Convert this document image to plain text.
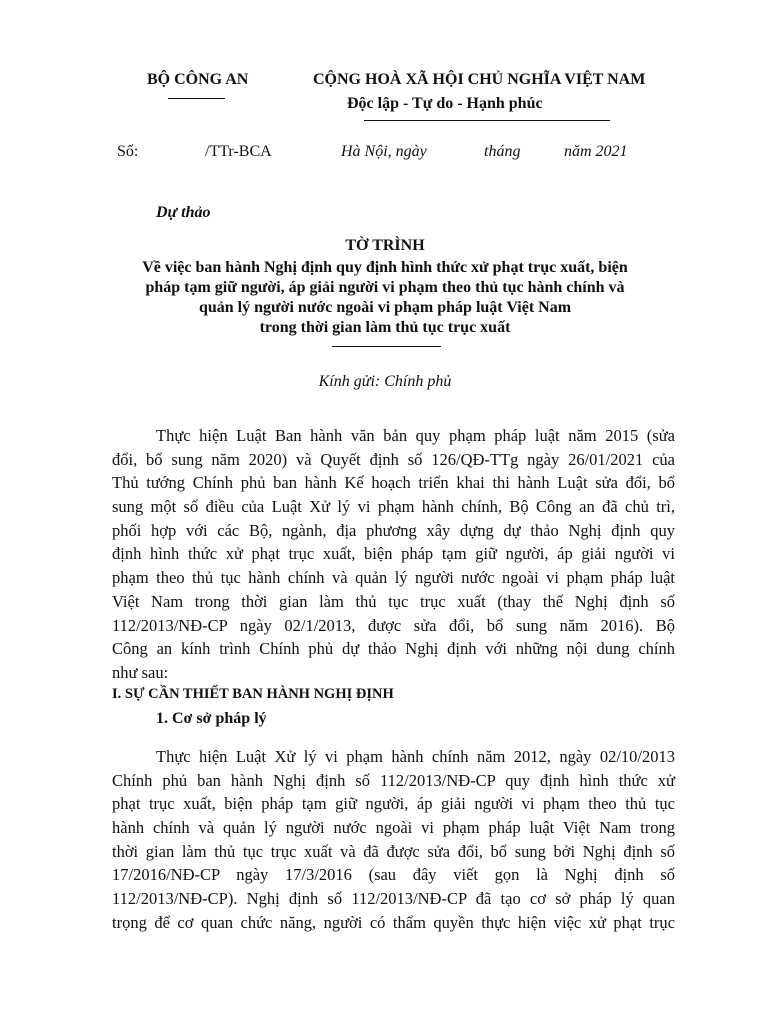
BỘ CÔNG AN	CỘNG HOÀ XÃ HỘI CHỦ NGHĨA VIỆT NAM
Độc lập - Tự do - Hạnh phúc
Số:	/TTr-BCA	Hà Nội, ngày	tháng	năm 2021
Dự thảo
TỜ TRÌNH
Về việc ban hành Nghị định quy định hình thức xử phạt trục xuất, biện
pháp tạm giữ người, áp giải người vi phạm theo thủ tục hành chính và
quản lý người nước ngoài vi phạm pháp luật Việt Nam
trong thời gian làm thủ tục trục xuất
Kính gửi: Chính phủ
Thực hiện Luật Ban hành văn bản quy phạm pháp luật năm 2015 (sửa
đổi, bổ sung năm 2020) và Quyết định số 126/QĐ-TTg ngày 26/01/2021 của
Thủ tướng Chính phủ ban hành Kế hoạch triển khai thi hành Luật sửa đổi, bổ
sung một số điều của Luật Xử lý vi phạm hành chính, Bộ Công an đã chủ trì,
phối hợp với các Bộ, ngành, địa phương xây dựng dự thảo Nghị định quy
định hình thức xử phạt trục xuất, biện pháp tạm giữ người, áp giải người vi
phạm theo thủ tục hành chính và quản lý người nước ngoài vi phạm pháp luật
Việt Nam trong thời gian làm thủ tục trục xuất (thay thế Nghị định số
112/2013/NĐ-CP ngày 02/1/2013, được sửa đổi, bổ sung năm 2016). Bộ
Công an kính trình Chính phủ dự thảo Nghị định với những nội dung chính
như sau:
I. SỰ CẦN THIẾT BAN HÀNH NGHỊ ĐỊNH
1. Cơ sở pháp lý
Thực hiện Luật Xử lý vi phạm hành chính năm 2012, ngày 02/10/2013
Chính phủ ban hành Nghị định số 112/2013/NĐ-CP quy định hình thức xử
phạt trục xuất, biện pháp tạm giữ người, áp giải người vi phạm theo thủ tục
hành chính và quản lý người nước ngoài vi phạm pháp luật Việt Nam trong
thời gian làm thủ tục trục xuất và đã được sửa đổi, bổ sung bởi Nghị định số
17/2016/NĐ-CP ngày 17/3/2016 (sau đây viết gọn là Nghị định số
112/2013/NĐ-CP). Nghị định số 112/2013/NĐ-CP đã tạo cơ sở pháp lý quan
trọng để cơ quan chức năng, người có thẩm quyền thực hiện việc xử phạt trục
